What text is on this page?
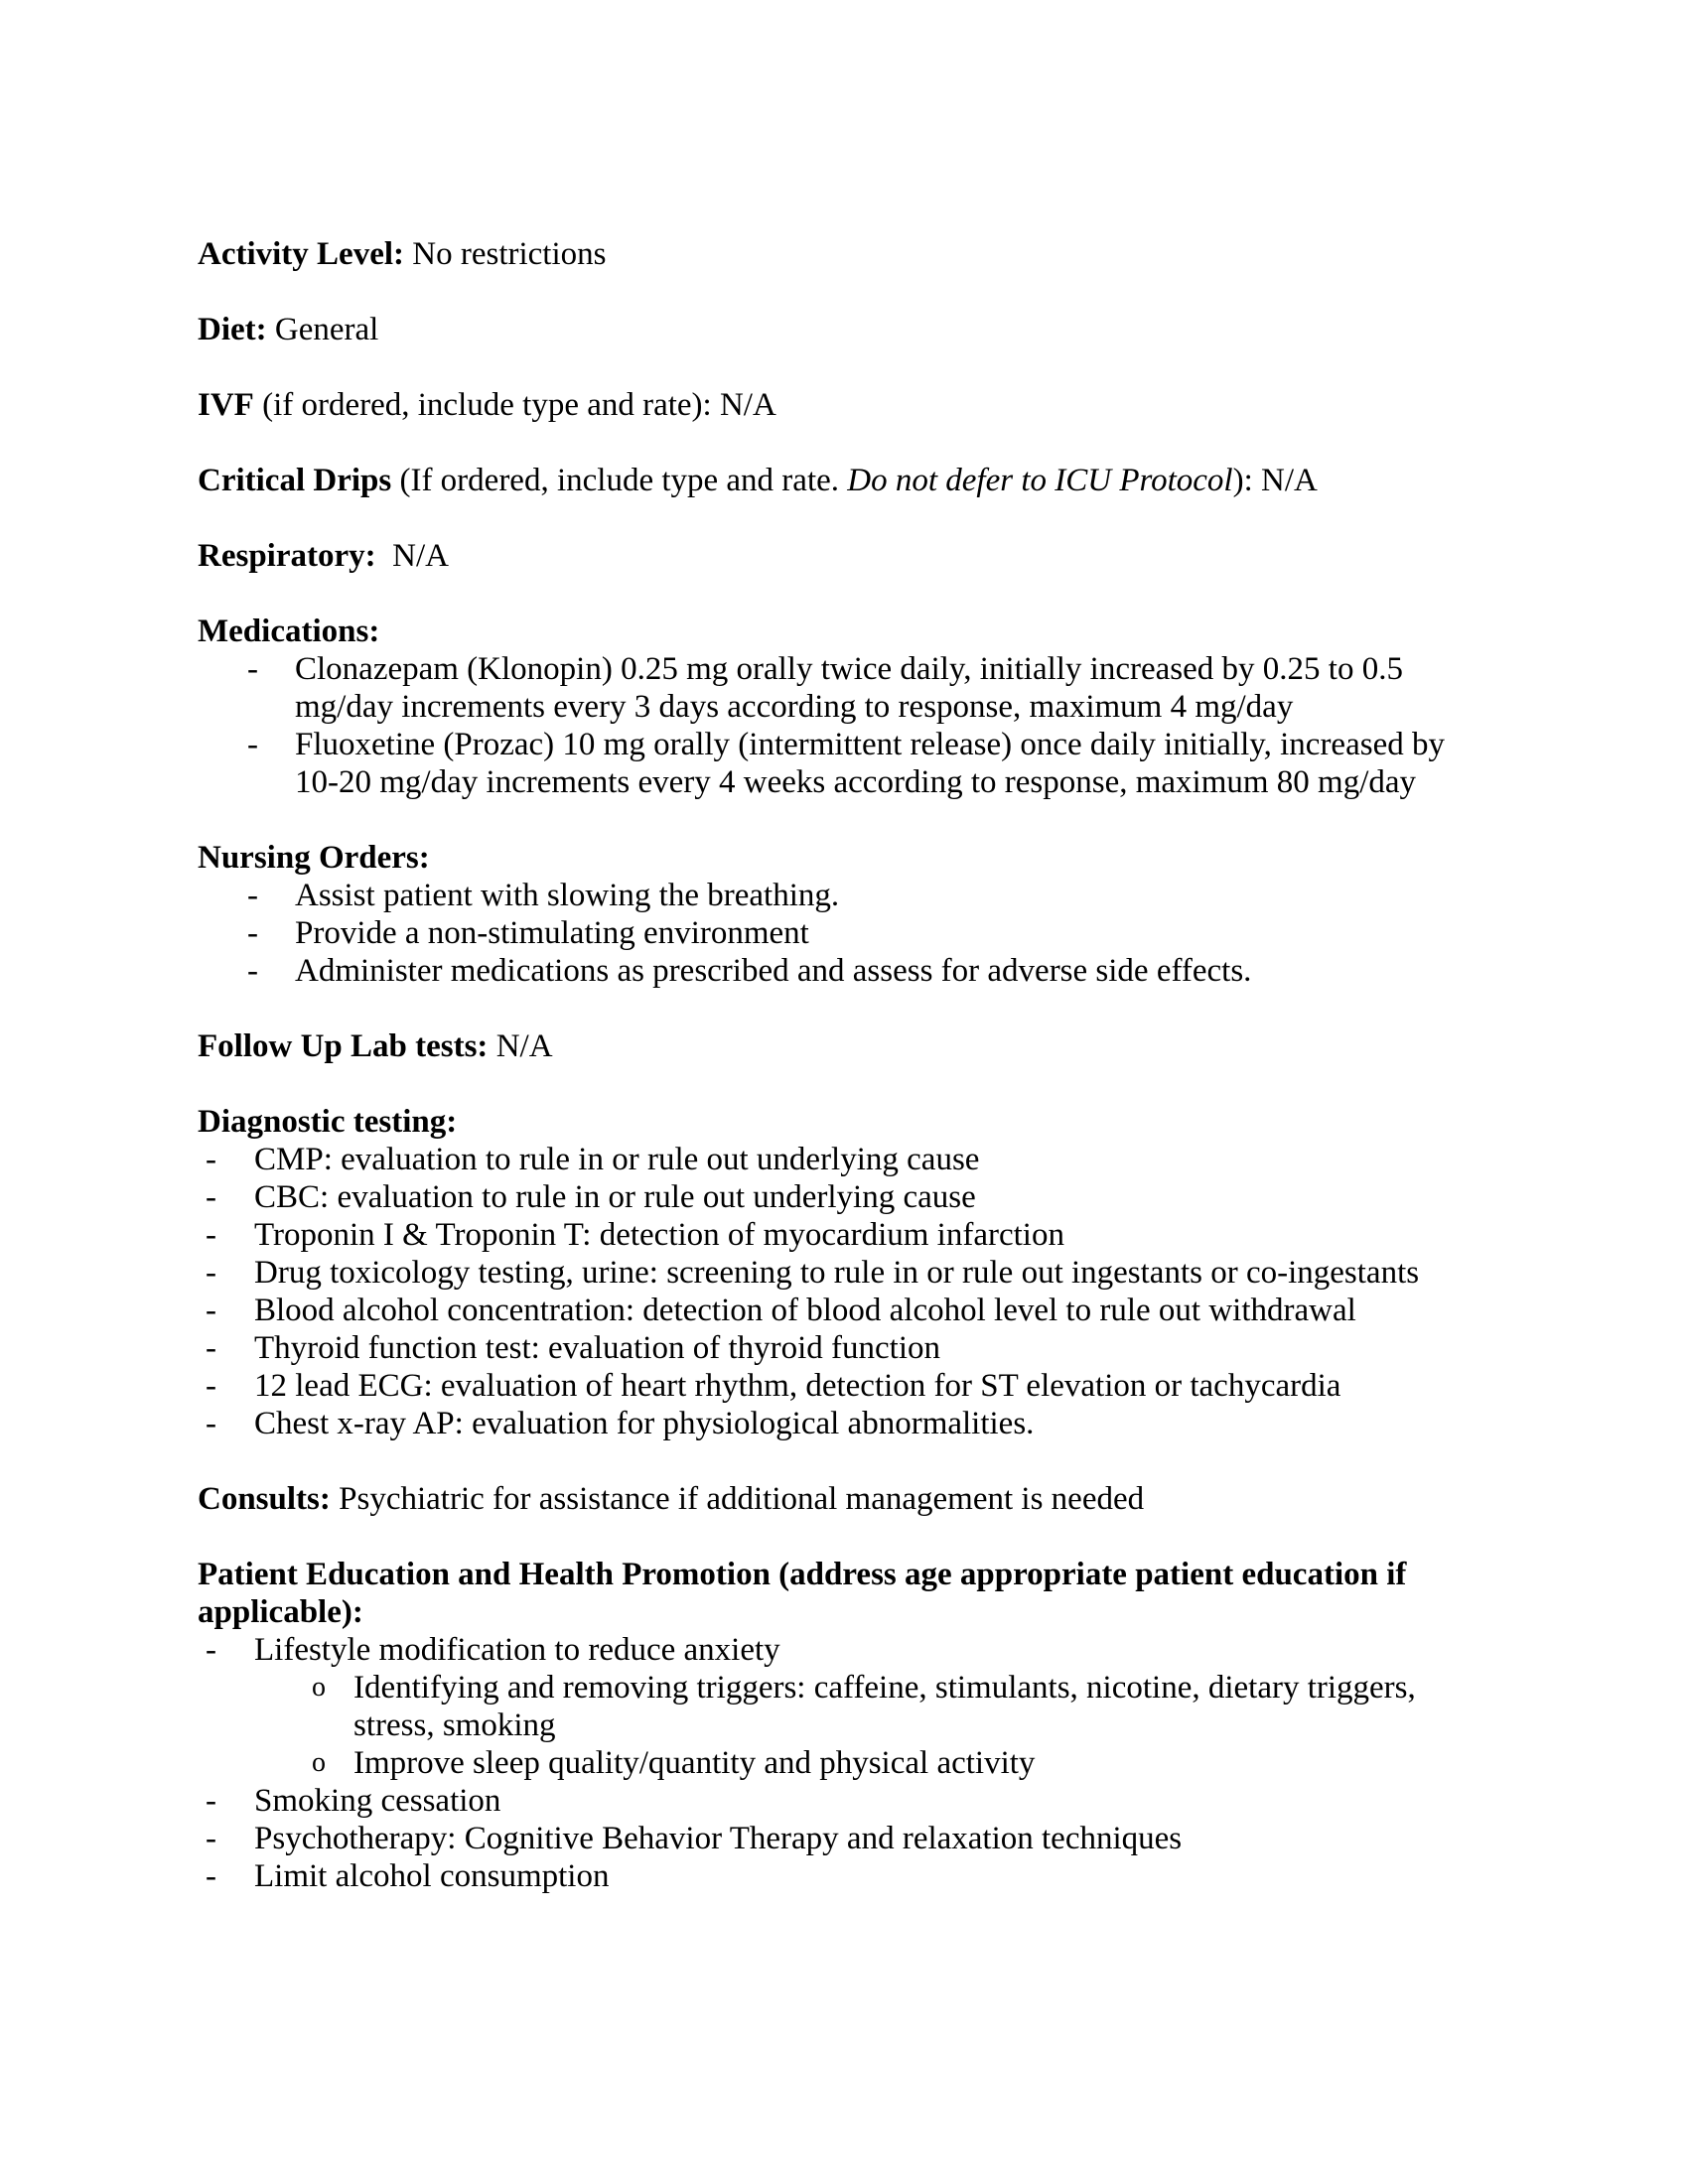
Activity Level: No restrictions

Diet: General

IVF (if ordered, include type and rate): N/A

Critical Drips (If ordered, include type and rate. Do not defer to ICU Protocol): N/A

Respiratory:  N/A

Medications:

- Clonazepam (Klonopin) 0.25 mg orally twice daily, initially increased by 0.25 to 0.5 mg/day increments every 3 days according to response, maximum 4 mg/day
- Fluoxetine (Prozac) 10 mg orally (intermittent release) once daily initially, increased by 10-20 mg/day increments every 4 weeks according to response, maximum 80 mg/day

Nursing Orders:

- Assist patient with slowing the breathing.
- Provide a non-stimulating environment
- Administer medications as prescribed and assess for adverse side effects.

Follow Up Lab tests: N/A

Diagnostic testing:

- CMP: evaluation to rule in or rule out underlying cause
- CBC: evaluation to rule in or rule out underlying cause
- Troponin I & Troponin T: detection of myocardium infarction
- Drug toxicology testing, urine: screening to rule in or rule out ingestants or co-ingestants
- Blood alcohol concentration: detection of blood alcohol level to rule out withdrawal
- Thyroid function test: evaluation of thyroid function
- 12 lead ECG: evaluation of heart rhythm, detection for ST elevation or tachycardia
- Chest x-ray AP: evaluation for physiological abnormalities.

Consults: Psychiatric for assistance if additional management is needed

Patient Education and Health Promotion (address age appropriate patient education if applicable):

- Lifestyle modification to reduce anxiety
o Identifying and removing triggers: caffeine, stimulants, nicotine, dietary triggers, stress, smoking
o Improve sleep quality/quantity and physical activity
- Smoking cessation
- Psychotherapy: Cognitive Behavior Therapy and relaxation techniques
- Limit alcohol consumption
